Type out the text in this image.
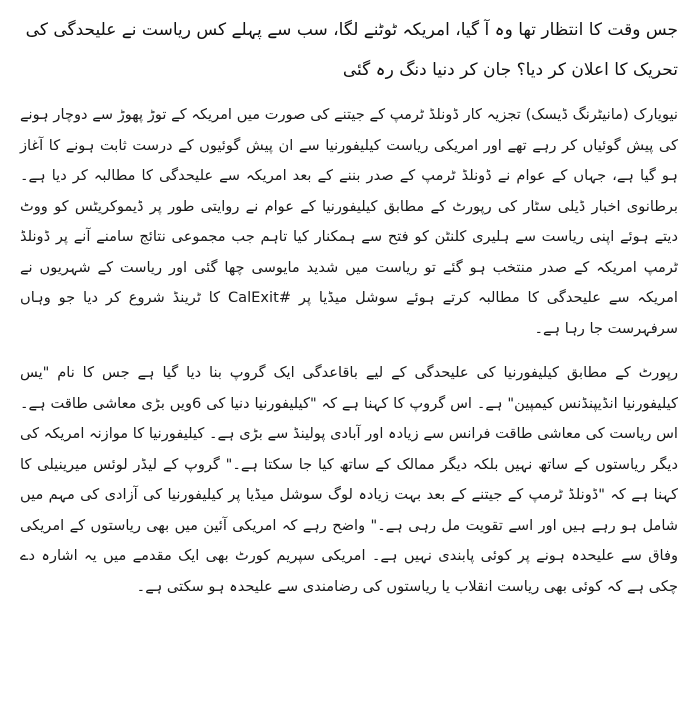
جس وقت کا انتظار تھا وہ آ گیا، امریکہ ٹوٹنے لگا، سب سے پہلے کس ریاست نے علیحدگی کی تحریک کا اعلان کر دیا؟ جان کر دنیا دنگ رہ گئی

نیویارک (مانیٹرنگ ڈیسک) تجزیہ کار ڈونلڈ ٹرمپ کے جیتنے کی صورت میں امریکہ کے توڑ پھوڑ سے دوچار ہونے کی پیش گوئیاں کر رہے تھے اور امریکی ریاست کیلیفورنیا سے ان پیش گوئیوں کے درست ثابت ہونے کا آغاز ہو گیا ہے، جہاں کے عوام نے ڈونلڈ ٹرمپ کے صدر بننے کے بعد امریکہ سے علیحدگی کا مطالبہ کر دیا ہے۔ برطانوی اخبار ڈیلی سٹار کی رپورٹ کے مطابق کیلیفورنیا کے عوام نے روایتی طور پر ڈیموکریٹس کو ووٹ دیتے ہوئے اپنی ریاست سے ہلیری کلنٹن کو فتح سے ہمکنار کیا تاہم جب مجموعی نتائج سامنے آنے پر ڈونلڈ ٹرمپ امریکہ کے صدر منتخب ہو گئے تو ریاست میں شدید مایوسی چھا گئی اور ریاست کے شہریوں نے امریکہ سے علیحدگی کا مطالبہ کرتے ہوئے سوشل میڈیا پر #CalExit کا ٹرینڈ شروع کر دیا جو وہاں سرفہرست جا رہا ہے۔

رپورٹ کے مطابق کیلیفورنیا کی علیحدگی کے لیے باقاعدگی ایک گروپ بنا دیا گیا ہے جس کا نام "یس کیلیفورنیا انڈیپنڈنس کیمپین" ہے۔ اس گروپ کا کہنا ہے کہ "کیلیفورنیا دنیا کی 6ویں بڑی معاشی طاقت ہے۔ اس ریاست کی معاشی طاقت فرانس سے زیادہ اور آبادی پولینڈ سے بڑی ہے۔ کیلیفورنیا کا موازنہ امریکہ کی دیگر ریاستوں کے ساتھ نہیں بلکہ دیگر ممالک کے ساتھ کیا جا سکتا ہے۔" گروپ کے لیڈر لوئس میرینیلی کا کہنا ہے کہ "ڈونلڈ ٹرمپ کے جیتنے کے بعد بہت زیادہ لوگ سوشل میڈیا پر کیلیفورنیا کی آزادی کی مہم میں شامل ہو رہے ہیں اور اسے تقویت مل رہی ہے۔" واضح رہے کہ امریکی آئین میں بھی ریاستوں کے امریکی وفاق سے علیحدہ ہونے پر کوئی پابندی نہیں ہے۔ امریکی سپریم کورٹ بھی ایک مقدمے میں یہ اشارہ دے چکی ہے کہ کوئی بھی ریاست انقلاب یا ریاستوں کی رضامندی سے علیحدہ ہو سکتی ہے۔
